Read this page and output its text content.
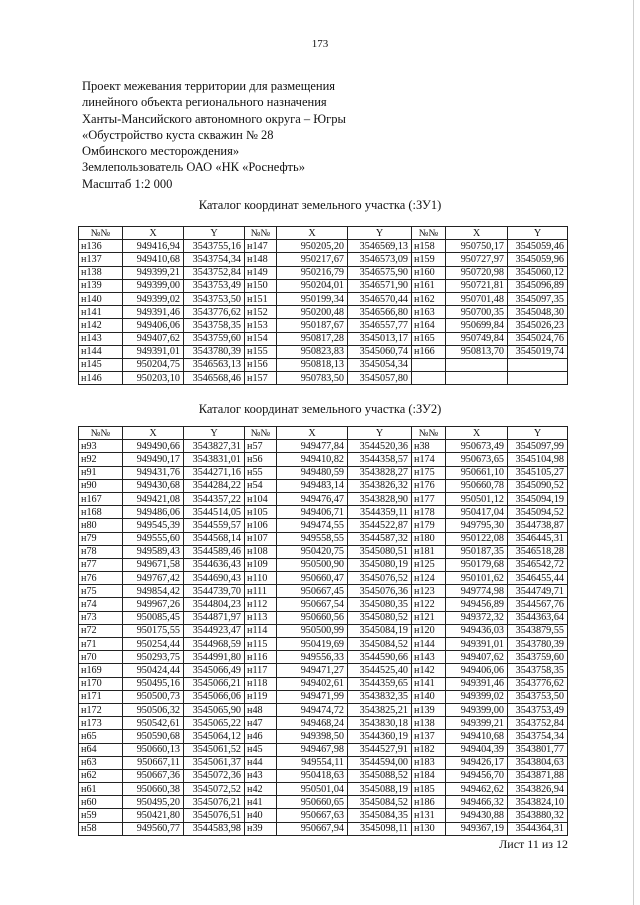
173
Проект межевания территории для размещения
линейного объекта регионального назначения
Ханты-Мансийского автономного округа – Югры
«Обустройство куста скважин № 28
Омбинского месторождения»
Землепользователь ОАО «НК «Роснефть»
Масштаб 1:2 000
Каталог координат земельного участка (:ЗУ1)
№№	X	Y	№№	X	Y	№№	X	Y
н136	949416,94	3543755,16	н147	950205,20	3546569,13	н158	950750,17	3545059,46
н137	949410,68	3543754,34	н148	950217,67	3546573,09	н159	950727,97	3545059,96
н138	949399,21	3543752,84	н149	950216,79	3546575,90	н160	950720,98	3545060,12
н139	949399,00	3543753,49	н150	950204,01	3546571,90	н161	950721,81	3545096,89
н140	949399,02	3543753,50	н151	950199,34	3546570,44	н162	950701,48	3545097,35
н141	949391,46	3543776,62	н152	950200,48	3546566,80	н163	950700,35	3545048,30
н142	949406,06	3543758,35	н153	950187,67	3546557,77	н164	950699,84	3545026,23
н143	949407,62	3543759,60	н154	950817,28	3545013,17	н165	950749,84	3545024,76
н144	949391,01	3543780,39	н155	950823,83	3545060,74	н166	950813,70	3545019,74
н145	950204,75	3546563,13	н156	950818,13	3545054,34			
н146	950203,10	3546568,46	н157	950783,50	3545057,80			
Каталог координат земельного участка (:ЗУ2)
№№	X	Y	№№	X	Y	№№	X	Y
н93	949490,66	3543827,31	н57	949477,84	3544520,36	н38	950673,49	3545097,99
н92	949490,17	3543831,01	н56	949410,82	3544358,57	н174	950673,65	3545104,98
н91	949431,76	3544271,16	н55	949480,59	3543828,27	н175	950661,10	3545105,27
н90	949430,68	3544284,22	н54	949483,14	3543826,32	н176	950660,78	3545090,52
н167	949421,08	3544357,22	н104	949476,47	3543828,90	н177	950501,12	3545094,19
н168	949486,06	3544514,05	н105	949406,71	3544359,11	н178	950417,04	3545094,52
н80	949545,39	3544559,57	н106	949474,55	3544522,87	н179	949795,30	3544738,87
н79	949555,60	3544568,14	н107	949558,55	3544587,32	н180	950122,08	3546445,31
н78	949589,43	3544589,46	н108	950420,75	3545080,51	н181	950187,35	3546518,28
н77	949671,58	3544636,43	н109	950500,90	3545080,19	н125	950179,68	3546542,72
н76	949767,42	3544690,43	н110	950660,47	3545076,52	н124	950101,62	3546455,44
н75	949854,42	3544739,70	н111	950667,45	3545076,36	н123	949774,98	3544749,71
н74	949967,26	3544804,23	н112	950667,54	3545080,35	н122	949456,89	3544567,76
н73	950085,45	3544871,97	н113	950660,56	3545080,52	н121	949372,32	3544363,64
н72	950175,55	3544923,47	н114	950500,99	3545084,19	н120	949436,03	3543879,55
н71	950254,44	3544968,59	н115	950419,69	3545084,52	н144	949391,01	3543780,39
н70	950293,75	3544991,80	н116	949556,33	3544590,66	н143	949407,62	3543759,60
н169	950424,44	3545066,49	н117	949471,27	3544525,40	н142	949406,06	3543758,35
н170	950495,16	3545066,21	н118	949402,61	3544359,65	н141	949391,46	3543776,62
н171	950500,73	3545066,06	н119	949471,99	3543832,35	н140	949399,02	3543753,50
н172	950506,32	3545065,90	н48	949474,72	3543825,21	н139	949399,00	3543753,49
н173	950542,61	3545065,22	н47	949468,24	3543830,18	н138	949399,21	3543752,84
н65	950590,68	3545064,12	н46	949398,50	3544360,19	н137	949410,68	3543754,34
н64	950660,13	3545061,52	н45	949467,98	3544527,91	н182	949404,39	3543801,77
н63	950667,11	3545061,37	н44	949554,11	3544594,00	н183	949426,17	3543804,63
н62	950667,36	3545072,36	н43	950418,63	3545088,52	н184	949456,70	3543871,88
н61	950660,38	3545072,52	н42	950501,04	3545088,19	н185	949462,62	3543826,94
н60	950495,20	3545076,21	н41	950660,65	3545084,52	н186	949466,32	3543824,10
н59	950421,80	3545076,51	н40	950667,63	3545084,35	н131	949430,88	3543880,32
н58	949560,77	3544583,98	н39	950667,94	3545098,11	н130	949367,19	3544364,31
Лист 11 из 12
